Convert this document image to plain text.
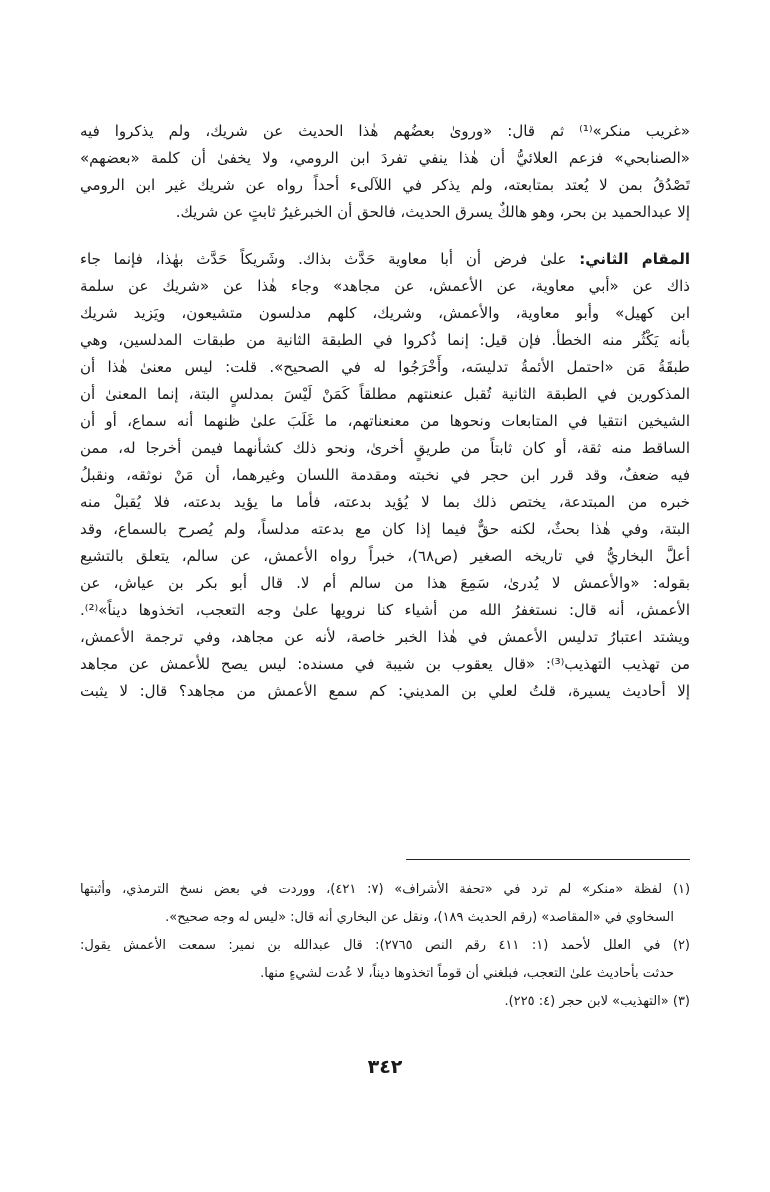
«غريب منكر»⁽¹⁾ ثم قال: «وروىٰ بعضُهم هٰذا الحديث عن شريك، ولم يذكروا فيه
«الصنابحي» فزعم العلائيُّ أن هٰذا ينفي تفردَ ابن الرومي، ولا يخفىٰ أن كلمة «بعضهم»
تَصْدُقُ بمن لا يُعتد بمتابعته، ولم يذكر في اللآلىء أحداً رواه عن شريك غير ابن الرومي
إلا عبدالحميد بن بحر، وهو هالكٌ يسرق الحديث، فالحق أن الخبرغيرُ ثابتٍ عن شريك.
المقام الثاني: علىٰ فرض أن أبا معاوية حَدَّث بذاك. وشَريكاً حَدَّث بهٰذا، فإنما جاء
ذاك عن «أبي معاوية، عن الأعمش، عن مجاهد» وجاء هٰذا عن «شريك عن سلمة
ابن كهيل» وأبو معاوية، والأعمش، وشريك، كلهم مدلسون متشيعون، ويَزيد شريك
بأنه يَكْثُر منه الخطأ. فإن قيل: إنما ذُكروا في الطبقة الثانية من طبقات المدلسين، وهي
طبقَةُ مَن «احتمل الأئمةُ تدليسَه، وأَخْرَجُوا له في الصحيح». قلت: ليس معنىٰ هٰذا أن
المذكورين في الطبقة الثانية تُقبل عنعنتهم مطلقاً كَمَنْ لَيْسَ بمدلسٍ البتة، إنما المعنىٰ أن
الشيخين انتقيا في المتابعات ونحوها من معنعناتهم، ما غَلَبَ علىٰ ظنهما أنه سماع، أو أن
الساقط منه ثقة، أو كان ثابتاً من طريقٍ أخرىٰ، ونحو ذلك كشأنهما فيمن أخرجا له، ممن
فيه ضعفٌ، وقد قرر ابن حجر في نخبته ومقدمة اللسان وغيرهما، أن مَنْ نوثقه، ونقبلُ
خبره من المبتدعة، يختص ذلك بما لا يُؤيد بدعته، فأما ما يؤيد بدعته، فلا يُقبلْ منه
البتة، وفي هٰذا بحثٌ، لكنه حقٌّ فيما إذا كان مع بدعته مدلساً، ولم يُصرح بالسماع، وقد
أعلَّ البخاريُّ في تاريخه الصغير (ص٦٨)، خبراً رواه الأعمش، عن سالم، يتعلق بالتشيع
بقوله: «والأعمش لا يُدرىٰ، سَمِعَ هذا من سالم أم لا. قال أبو بكر بن عياش، عن
الأعمش، أنه قال: نستغفرُ الله من أشياء كنا نرويها علىٰ وجه التعجب، اتخذوها ديناً»⁽²⁾.
ويشتد اعتبارُ تدليس الأعمش في هٰذا الخبر خاصة، لأنه عن مجاهد، وفي ترجمة الأعمش،
من تهذيب التهذيب⁽³⁾: «قال يعقوب بن شيبة في مسنده: ليس يصح للأعمش عن مجاهد
إلا أحاديث يسيرة، قلتُ لعلي بن المديني: كم سمع الأعمش من مجاهد؟ قال: لا يثبت
(١) لفظة «منكر» لم ترد في «تحفة الأشراف» (٧: ٤٢١)، ووردت في بعض نسخ الترمذي، وأثبتها
السخاوي في «المقاصد» (رقم الحديث ١٨٩)، ونقل عن البخاري أنه قال: «ليس له وجه صحيح».
(٢) في العلل لأحمد (١: ٤١١ رقم النص ٢٧٦٥): قال عبدالله بن نمير: سمعت الأعمش يقول:
حدثت بأحاديث علىٰ التعجب، فبلغني أن قوماً اتخذوها ديناً، لا عُدت لشيءٍ منها.
(٣) «التهذيب» لابن حجر (٤: ٢٢٥).
٣٤٢
